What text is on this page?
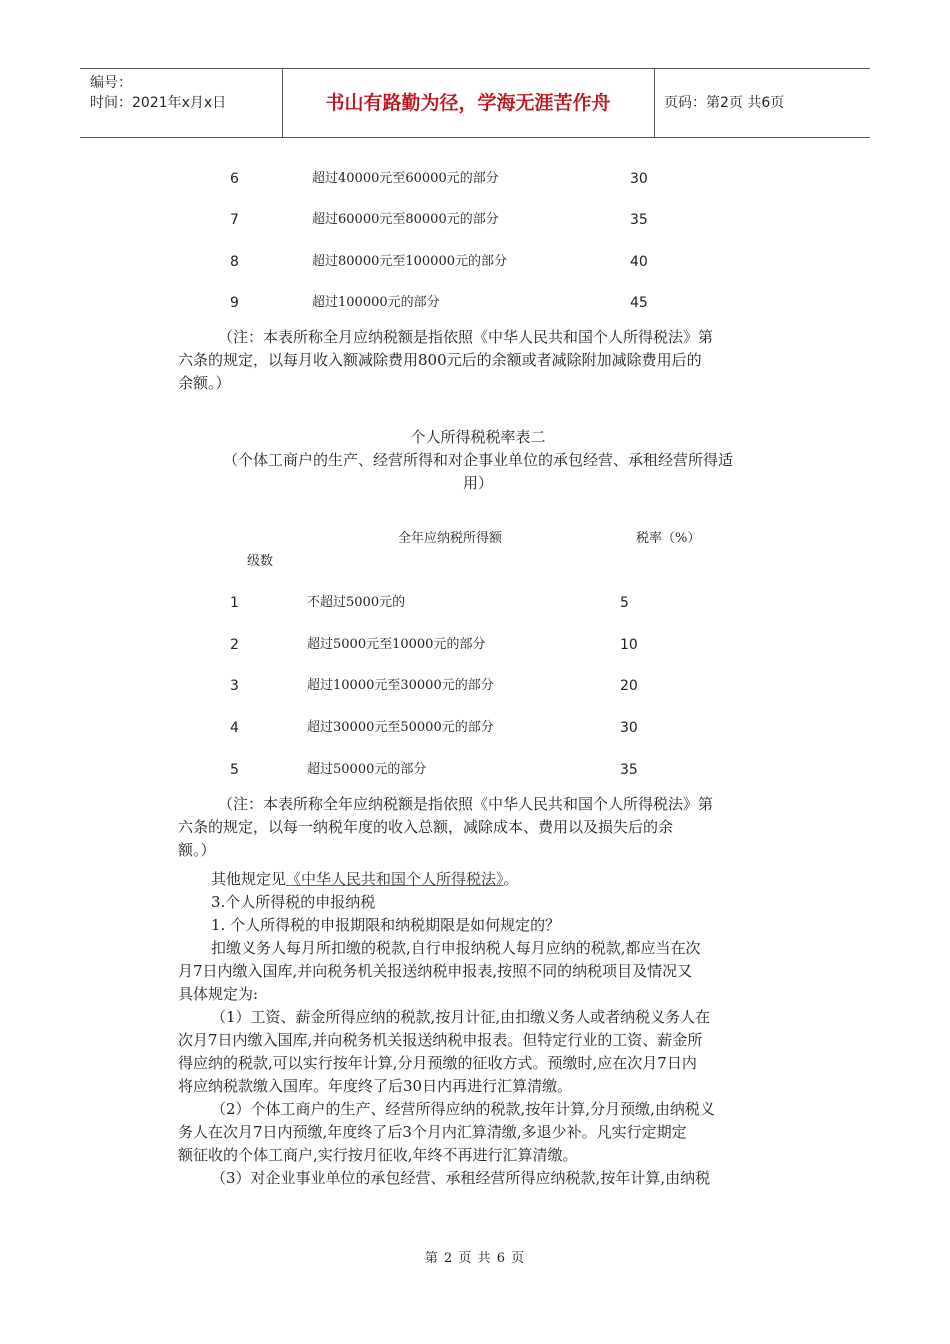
编号：
时间：2021年x月x日	书山有路勤为径，学海无涯苦作舟	页码：第2页 共6页
6	超过40000元至60000元的部分	30
7	超过60000元至80000元的部分	35
8	超过80000元至100000元的部分	40
9	超过100000元的部分	45

（注：本表所称全月应纳税额是指依照《中华人民共和国个人所得税法》第

六条的规定，以每月收入额减除费用800元后的余额或者减除附加减除费用后的

余额。）

个人所得税税率表二
（个体工商户的生产、经营所得和对企事业单位的承包经营、承租经营所得适
用）
全年应纳税所得额	税率（%）
级数
1	不超过5000元的	5
2	超过5000元至10000元的部分	10
3	超过10000元至30000元的部分	20
4	超过30000元至50000元的部分	30
5	超过50000元的部分	35

（注：本表所称全年应纳税额是指依照《中华人民共和国个人所得税法》第

六条的规定，以每一纳税年度的收入总额，减除成本、费用以及损失后的余

额。）

其他规定见《中华人民共和国个人所得税法》。

3.个人所得税的申报纳税

1. 个人所得税的申报期限和纳税期限是如何规定的？

扣缴义务人每月所扣缴的税款,自行申报纳税人每月应纳的税款,都应当在次

月7日内缴入国库,并向税务机关报送纳税申报表,按照不同的纳税项目及情况又

具体规定为:

（1）工资、薪金所得应纳的税款,按月计征,由扣缴义务人或者纳税义务人在

次月7日内缴入国库,并向税务机关报送纳税申报表。但特定行业的工资、薪金所

得应纳的税款,可以实行按年计算,分月预缴的征收方式。预缴时,应在次月7日内

将应纳税款缴入国库。年度终了后30日内再进行汇算清缴。

（2）个体工商户的生产、经营所得应纳的税款,按年计算,分月预缴,由纳税义

务人在次月7日内预缴,年度终了后3个月内汇算清缴,多退少补。凡实行定期定

额征收的个体工商户,实行按月征收,年终不再进行汇算清缴。

（3）对企业事业单位的承包经营、承租经营所得应纳税款,按年计算,由纳税

第 2 页 共 6 页
